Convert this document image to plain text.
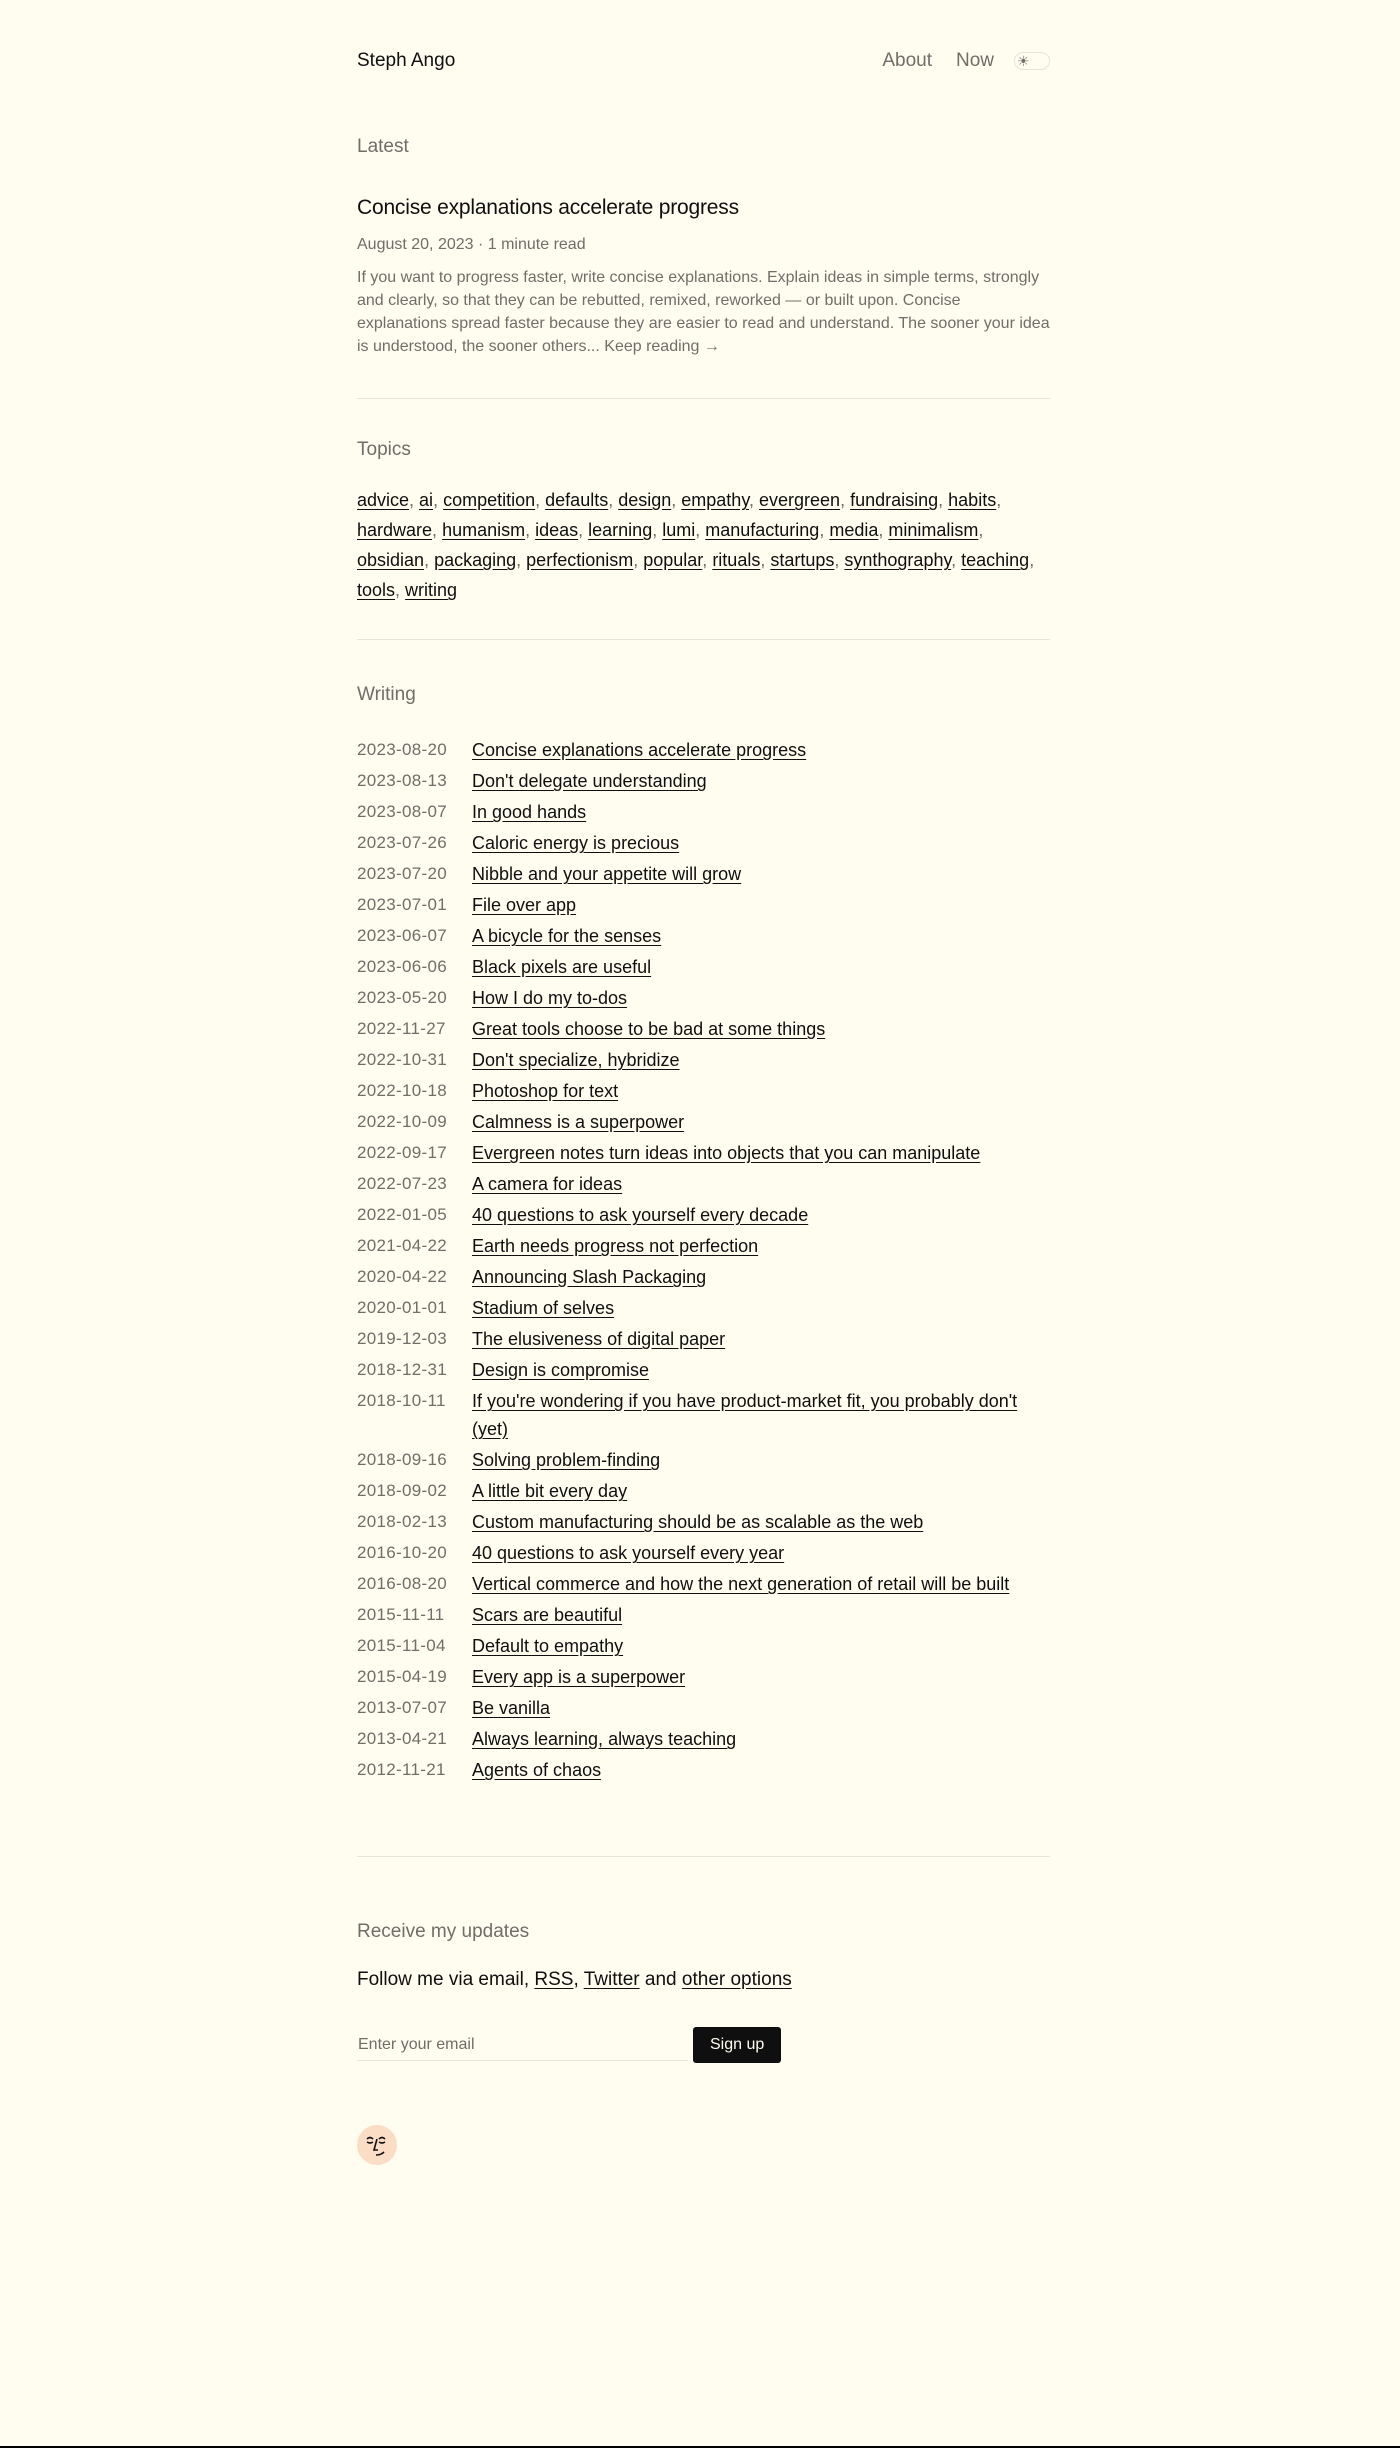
Steph Ango	About Now ☀

Latest

Concise explanations accelerate progress
August 20, 2023 · 1 minute read
If you want to progress faster, write concise explanations. Explain ideas in simple terms, strongly and clearly, so that they can be rebutted, remixed, reworked — or built upon. Concise explanations spread faster because they are easier to read and understand. The sooner your idea is understood, the sooner others... Keep reading →

Topics

advice, ai, competition, defaults, design, empathy, evergreen, fundraising, habits, hardware, humanism, ideas, learning, lumi, manufacturing, media, minimalism, obsidian, packaging, perfectionism, popular, rituals, startups, synthography, teaching, tools, writing

Writing

2023-08-20	Concise explanations accelerate progress
2023-08-13	Don't delegate understanding
2023-08-07	In good hands
2023-07-26	Caloric energy is precious
2023-07-20	Nibble and your appetite will grow
2023-07-01	File over app
2023-06-07	A bicycle for the senses
2023-06-06	Black pixels are useful
2023-05-20	How I do my to-dos
2022-11-27	Great tools choose to be bad at some things
2022-10-31	Don't specialize, hybridize
2022-10-18	Photoshop for text
2022-10-09	Calmness is a superpower
2022-09-17	Evergreen notes turn ideas into objects that you can manipulate
2022-07-23	A camera for ideas
2022-01-05	40 questions to ask yourself every decade
2021-04-22	Earth needs progress not perfection
2020-04-22	Announcing Slash Packaging
2020-01-01	Stadium of selves
2019-12-03	The elusiveness of digital paper
2018-12-31	Design is compromise
2018-10-11	If you're wondering if you have product-market fit, you probably don't (yet)
2018-09-16	Solving problem-finding
2018-09-02	A little bit every day
2018-02-13	Custom manufacturing should be as scalable as the web
2016-10-20	40 questions to ask yourself every year
2016-08-20	Vertical commerce and how the next generation of retail will be built
2015-11-11	Scars are beautiful
2015-11-04	Default to empathy
2015-04-19	Every app is a superpower
2013-07-07	Be vanilla
2013-04-21	Always learning, always teaching
2012-11-21	Agents of chaos

Receive my updates

Follow me via email, RSS, Twitter and other options
Enter your email
Sign up
